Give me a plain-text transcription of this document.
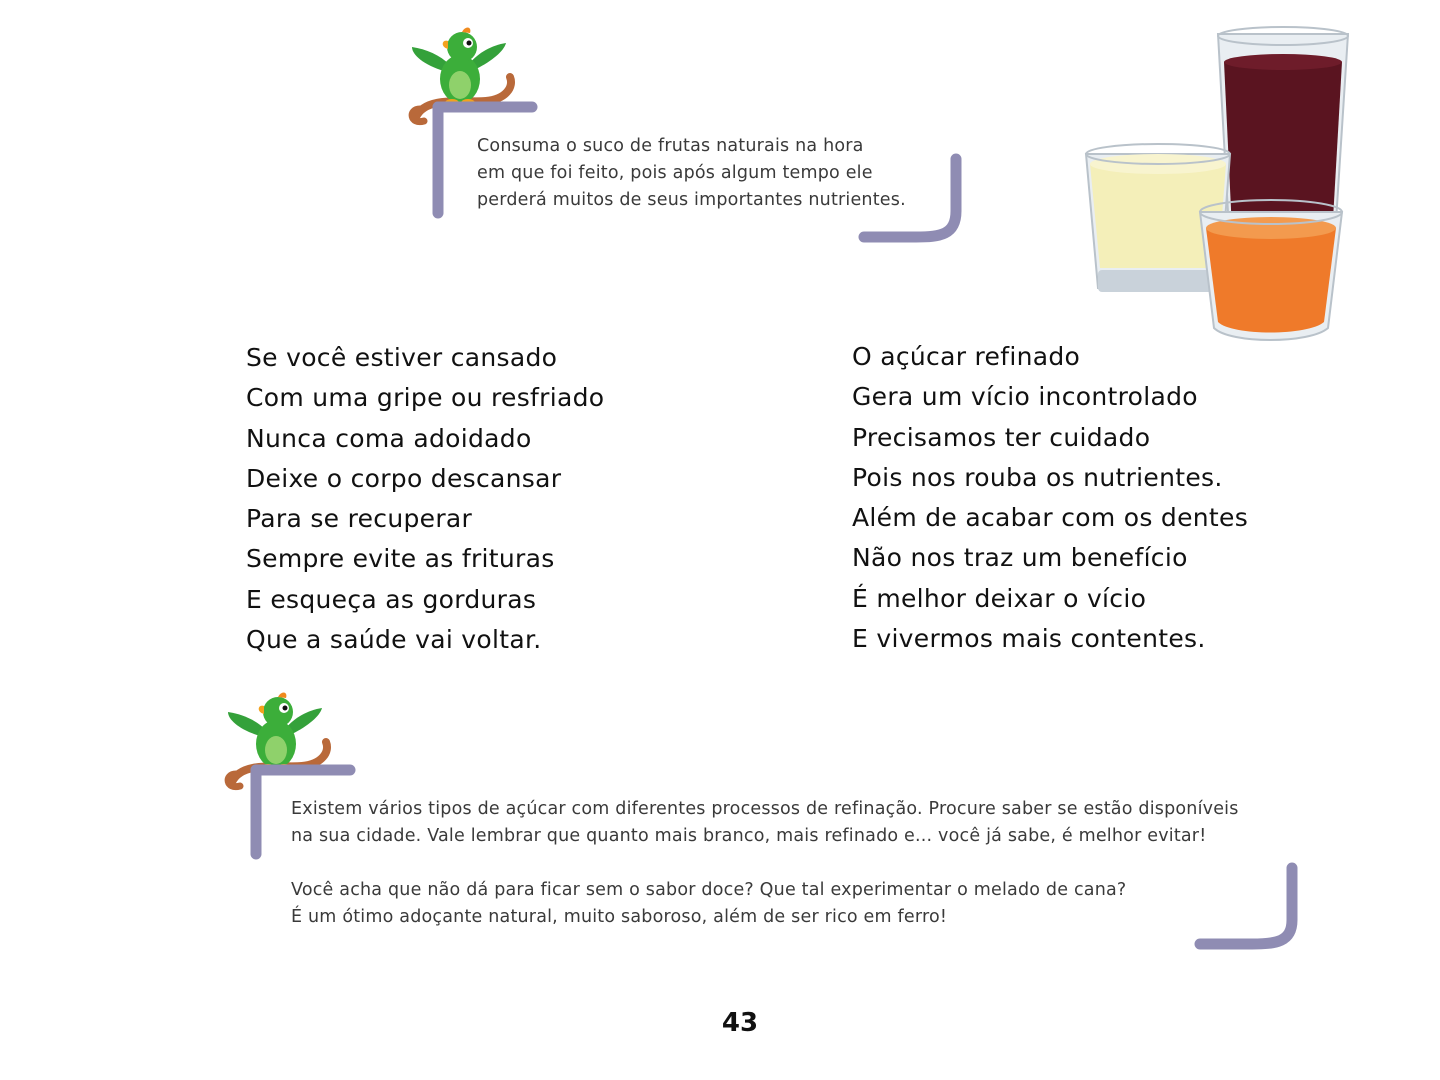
Consuma o suco de frutas naturais na hora
em que foi feito, pois após algum tempo ele
perderá muitos de seus importantes nutrientes.
Se você estiver cansado
Com uma gripe ou resfriado
Nunca coma adoidado
Deixe o corpo descansar
Para se recuperar
Sempre evite as frituras
E esqueça as gorduras
Que a saúde vai voltar.
O açúcar refinado
Gera um vício incontrolado
Precisamos ter cuidado
Pois nos rouba os nutrientes.
Além de acabar com os dentes
Não nos traz um benefício
É melhor deixar o vício
E vivermos mais contentes.
Existem vários tipos de açúcar com diferentes processos de refinação. Procure saber se estão disponíveis
na sua cidade. Vale lembrar que quanto mais branco, mais refinado e... você já sabe, é melhor evitar!
Você acha que não dá para ficar sem o sabor doce? Que tal experimentar o melado de cana?
É um ótimo adoçante natural, muito saboroso, além de ser rico em ferro!
43
